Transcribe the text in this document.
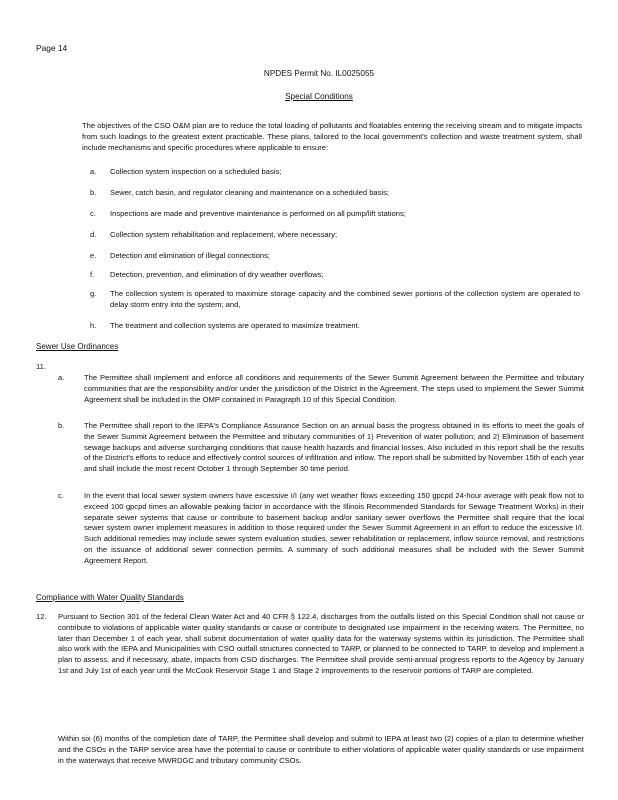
Page 14
NPDES Permit No. IL0025055
Special Conditions

The objectives of the CSO O&M plan are to reduce the total loading of pollutants and floatables entering the receiving stream and to mitigate impacts from such loadings to the greatest extent practicable. These plans, tailored to the local government's collection and waste treatment system, shall include mechanisms and specific procedures where applicable to ensure:

a. Collection system inspection on a scheduled basis;
b. Sewer, catch basin, and regulator cleaning and maintenance on a scheduled basis;
c. Inspections are made and preventive maintenance is performed on all pump/lift stations;
d. Collection system rehabilitation and replacement, where necessary;
e. Detection and elimination of illegal connections;
f. Detection, prevention, and elimination of dry weather overflows;
g. The collection system is operated to maximize storage capacity and the combined sewer portions of the collection system are operated to delay storm entry into the system; and,
h. The treatment and collection systems are operated to maximize treatment.
Sewer Use Ordinances
11.
a.	The Permittee shall implement and enforce all conditions and requirements of the Sewer Summit Agreement between the Permittee and tributary communities that are the responsibility and/or under the jurisdiction of the District in the Agreement. The steps used to implement the Sewer Summit Agreement shall be included in the OMP contained in Paragraph 10 of this Special Condition.
b.	The Permittee shall report to the IEPA's Compliance Assurance Section on an annual basis the progress obtained in its efforts to meet the goals of the Sewer Summit Agreement between the Permittee and tributary communities of 1) Prevention of water pollution; and 2) Elimination of basement sewage backups and adverse surcharging conditions that cause health hazards and financial losses. Also included in this report shall be the results of the District's efforts to reduce and effectively control sources of infiltration and inflow. The report shall be submitted by November 15th of each year and shall include the most recent October 1 through September 30 time period.
c.	In the event that local sewer system owners have excessive I/I (any wet weather flows exceeding 150 gpcpd 24-hour average with peak flow not to exceed 100 gpcpd times an allowable peaking factor in accordance with the Illinois Recommended Standards for Sewage Treatment Works) in their separate sewer systems that cause or contribute to basement backup and/or sanitary sewer overflows the Permittee shall require that the local sewer system owner implement measures in addition to those required under the Sewer Summit Agreement in an effort to reduce the excessive I/I. Such additional remedies may include sewer system evaluation studies, sewer rehabilitation or replacement, inflow source removal, and restrictions on the issuance of additional sewer connection permits. A summary of such additional measures shall be included with the Sewer Summit Agreement Report.
Compliance with Water Quality Standards
12. Pursuant to Section 301 of the federal Clean Water Act and 40 CFR § 122.4, discharges from the outfalls listed on this Special Condition shall not cause or contribute to violations of applicable water quality standards or cause or contribute to designated use impairment in the receiving waters. The Permittee, no later than December 1 of each year, shall submit documentation of water quality data for the waterway systems within its jurisdiction. The Permittee shall also work with the IEPA and Municipalities with CSO outfall structures connected to TARP, or planned to be connected to TARP, to develop and implement a plan to assess, and if necessary, abate, impacts from CSO discharges. The Permittee shall provide semi-annual progress reports to the Agency by January 1st and July 1st of each year until the McCook Reservoir Stage 1 and Stage 2 improvements to the reservoir portions of TARP are completed.

Within six (6) months of the completion date of TARP, the Permittee shall develop and submit to IEPA at least two (2) copies of a plan to determine whether and the CSOs in the TARP service area have the potential to cause or contribute to either violations of applicable water quality standards or use impairment in the waterways that receive MWRDGC and tributary community CSOs.
